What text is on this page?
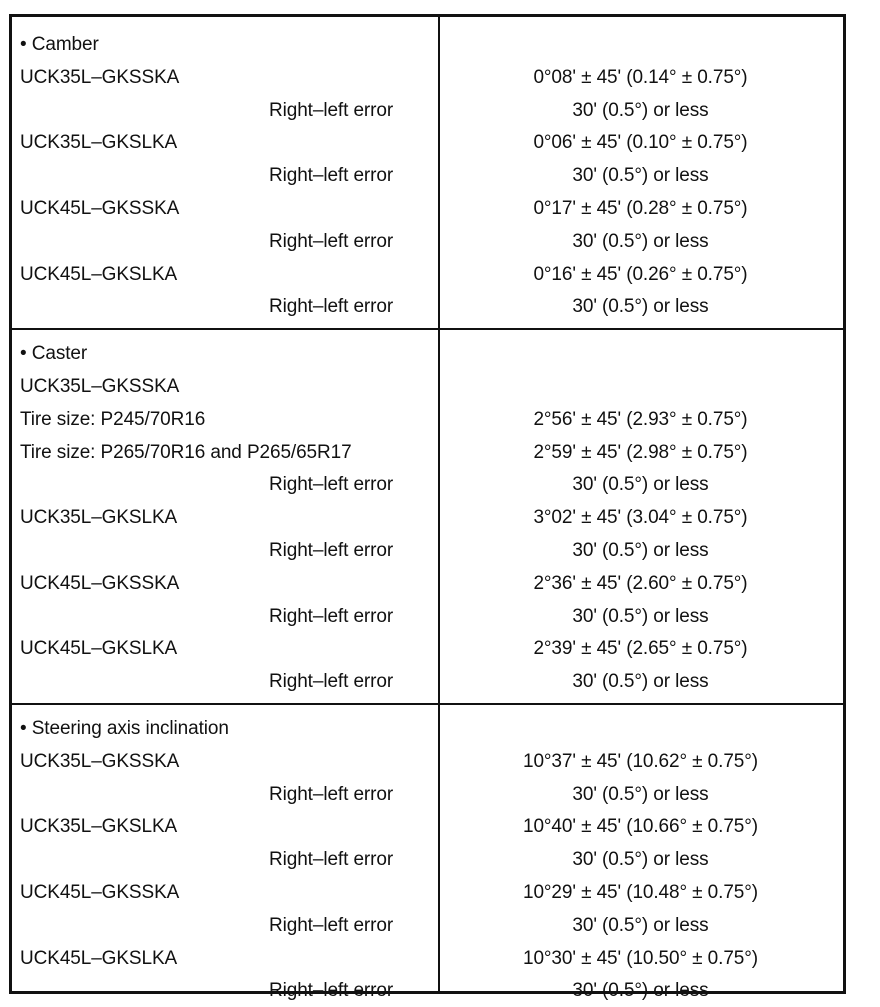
• Camber
UCK35L–GKSSKA	0°08' ± 45' (0.14° ± 0.75°)
Right–left error	30' (0.5°) or less
UCK35L–GKSLKA	0°06' ± 45' (0.10° ± 0.75°)
Right–left error	30' (0.5°) or less
UCK45L–GKSSKA	0°17' ± 45' (0.28° ± 0.75°)
Right–left error	30' (0.5°) or less
UCK45L–GKSLKA	0°16' ± 45' (0.26° ± 0.75°)
Right–left error	30' (0.5°) or less
• Caster
UCK35L–GKSSKA
Tire size: P245/70R16	2°56' ± 45' (2.93° ± 0.75°)
Tire size: P265/70R16 and P265/65R17	2°59' ± 45' (2.98° ± 0.75°)
Right–left error	30' (0.5°) or less
UCK35L–GKSLKA	3°02' ± 45' (3.04° ± 0.75°)
Right–left error	30' (0.5°) or less
UCK45L–GKSSKA	2°36' ± 45' (2.60° ± 0.75°)
Right–left error	30' (0.5°) or less
UCK45L–GKSLKA	2°39' ± 45' (2.65° ± 0.75°)
Right–left error	30' (0.5°) or less
• Steering axis inclination
UCK35L–GKSSKA	10°37' ± 45' (10.62° ± 0.75°)
Right–left error	30' (0.5°) or less
UCK35L–GKSLKA	10°40' ± 45' (10.66° ± 0.75°)
Right–left error	30' (0.5°) or less
UCK45L–GKSSKA	10°29' ± 45' (10.48° ± 0.75°)
Right–left error	30' (0.5°) or less
UCK45L–GKSLKA	10°30' ± 45' (10.50° ± 0.75°)
Right–left error	30' (0.5°) or less
